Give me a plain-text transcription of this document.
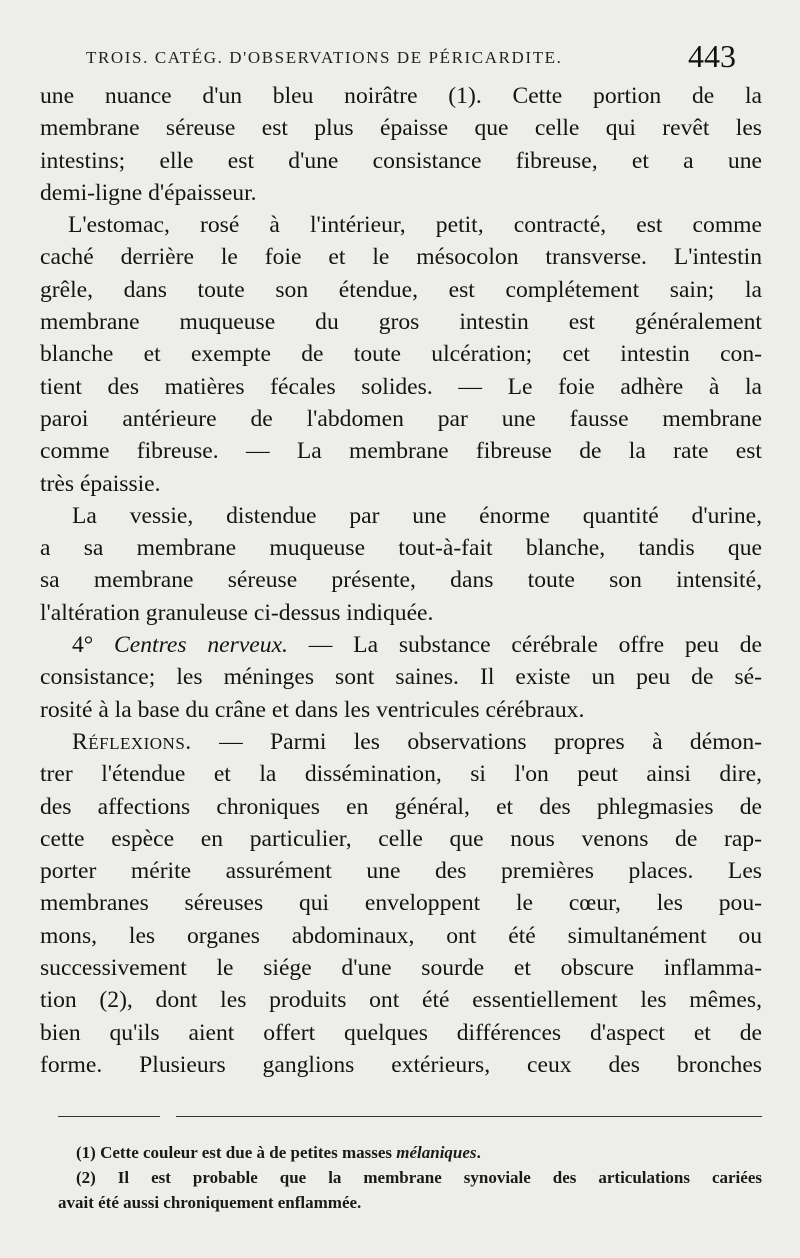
TROIS. CATÉG. D'OBSERVATIONS DE PÉRICARDITE.	443

une nuance d'un bleu noirâtre (1). Cette portion de la
membrane séreuse est plus épaisse que celle qui revêt les
intestins; elle est d'une consistance fibreuse, et a une
demi-ligne d'épaisseur.

L'estomac, rosé à l'intérieur, petit, contracté, est comme
caché derrière le foie et le mésocolon transverse. L'intestin
grêle, dans toute son étendue, est complétement sain; la
membrane muqueuse du gros intestin est généralement
blanche et exempte de toute ulcération; cet intestin con-
tient des matières fécales solides. — Le foie adhère à la
paroi antérieure de l'abdomen par une fausse membrane
comme fibreuse. — La membrane fibreuse de la rate est
très épaissie.

La vessie, distendue par une énorme quantité d'urine,
a sa membrane muqueuse tout-à-fait blanche, tandis que
sa membrane séreuse présente, dans toute son intensité,
l'altération granuleuse ci-dessus indiquée.

4° Centres nerveux. — La substance cérébrale offre peu de
consistance; les méninges sont saines. Il existe un peu de sé-
rosité à la base du crâne et dans les ventricules cérébraux.

Réflexions. — Parmi les observations propres à démon-
trer l'étendue et la dissémination, si l'on peut ainsi dire,
des affections chroniques en général, et des phlegmasies de
cette espèce en particulier, celle que nous venons de rap-
porter mérite assurément une des premières places. Les
membranes séreuses qui enveloppent le cœur, les pou-
mons, les organes abdominaux, ont été simultanément ou
successivement le siége d'une sourde et obscure inflamma-
tion (2), dont les produits ont été essentiellement les mêmes,
bien qu'ils aient offert quelques différences d'aspect et de
forme. Plusieurs ganglions extérieurs, ceux des bronches

(1) Cette couleur est due à de petites masses mélaniques.
(2) Il est probable que la membrane synoviale des articulations cariées
avait été aussi chroniquement enflammée.
